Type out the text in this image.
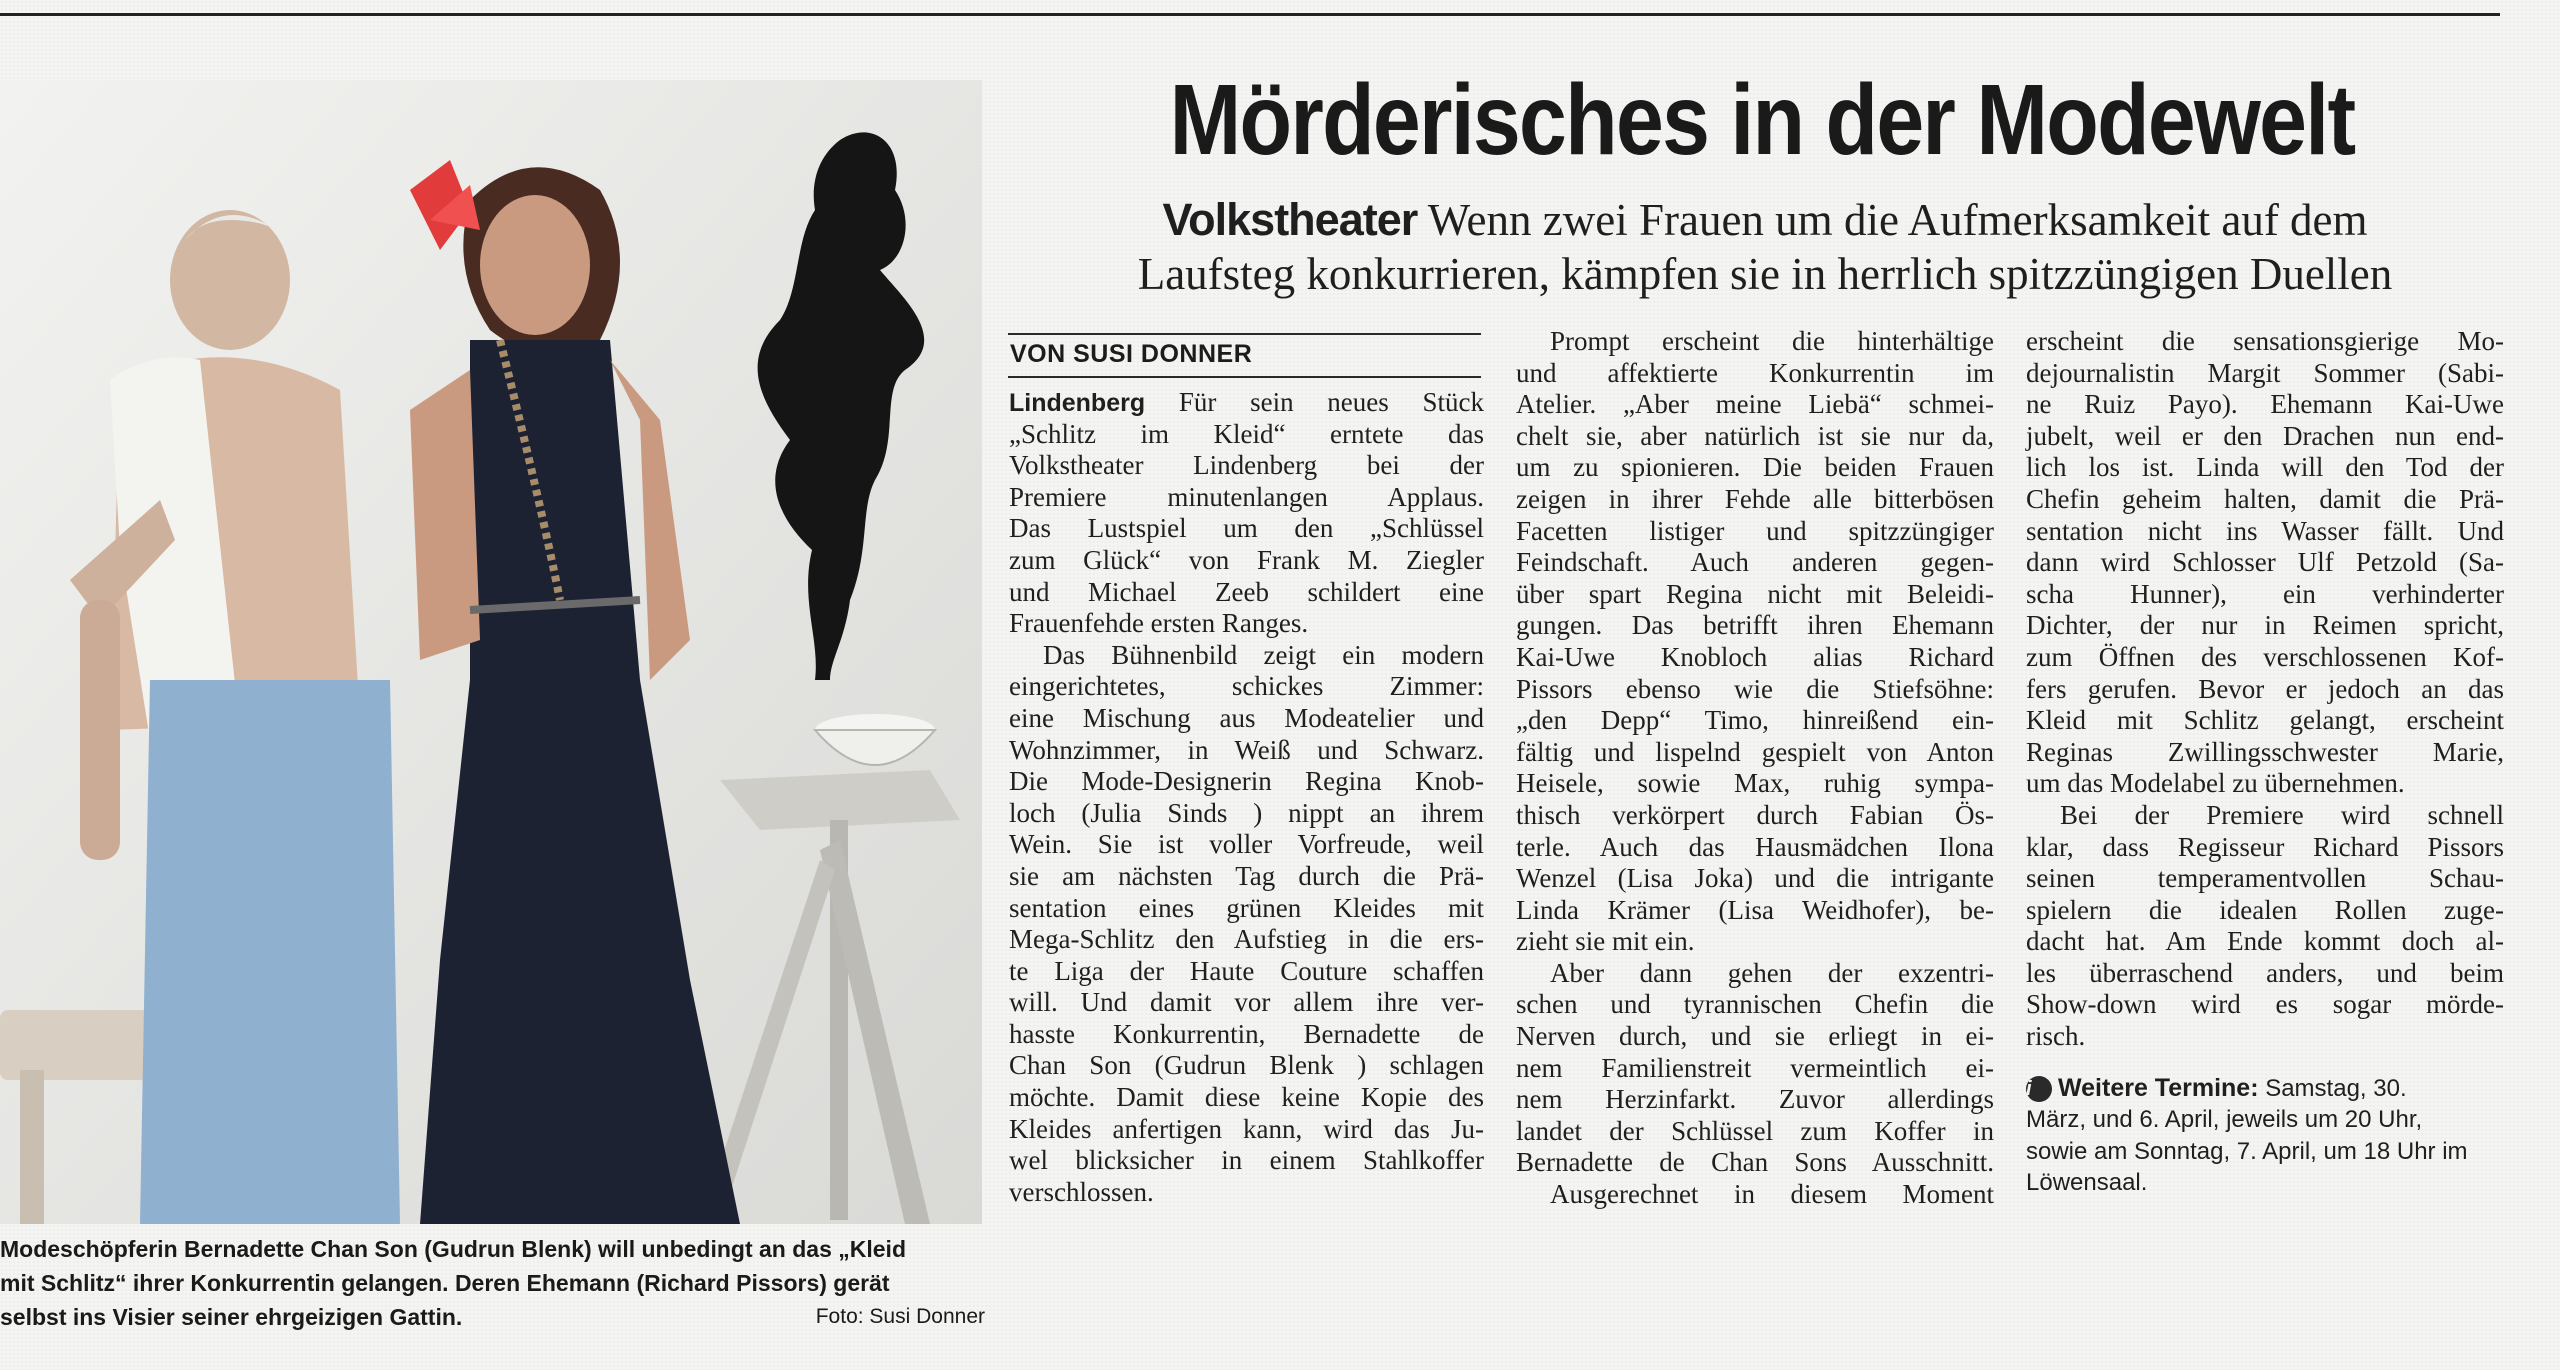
Modeschöpferin Bernadette Chan Son (Gudrun Blenk) will unbedingt an das „Kleid
mit Schlitz“ ihrer Konkurrentin gelangen. Deren Ehemann (Richard Pissors) gerät
selbst ins Visier seiner ehrgeizigen Gattin.	Foto: Susi Donner
Mörderisches in der Modewelt

Volkstheater Wenn zwei Frauen um die Aufmerksamkeit auf dem
Laufsteg konkurrieren, kämpfen sie in herrlich spitzzüngigen Duellen

VON SUSI DONNER
Lindenberg Für sein neues Stück
„Schlitz im Kleid“ erntete das
Volkstheater Lindenberg bei der
Premiere minutenlangen Applaus.
Das Lustspiel um den „Schlüssel
zum Glück“ von Frank M. Ziegler
und Michael Zeeb schildert eine
Frauenfehde ersten Ranges.
Das Bühnenbild zeigt ein modern
eingerichtetes, schickes Zimmer:
eine Mischung aus Modeatelier und
Wohnzimmer, in Weiß und Schwarz.
Die Mode-Designerin Regina Knob-
loch (Julia Sinds ) nippt an ihrem
Wein. Sie ist voller Vorfreude, weil
sie am nächsten Tag durch die Prä-
sentation eines grünen Kleides mit
Mega-Schlitz den Aufstieg in die ers-
te Liga der Haute Couture schaffen
will. Und damit vor allem ihre ver-
hasste Konkurrentin, Bernadette de
Chan Son (Gudrun Blenk ) schlagen
möchte. Damit diese keine Kopie des
Kleides anfertigen kann, wird das Ju-
wel blicksicher in einem Stahlkoffer
verschlossen.
Prompt erscheint die hinterhältige
und affektierte Konkurrentin im
Atelier. „Aber meine Liebä“ schmei-
chelt sie, aber natürlich ist sie nur da,
um zu spionieren. Die beiden Frauen
zeigen in ihrer Fehde alle bitterbösen
Facetten listiger und spitzzüngiger
Feindschaft. Auch anderen gegen-
über spart Regina nicht mit Beleidi-
gungen. Das betrifft ihren Ehemann
Kai-Uwe Knobloch alias Richard
Pissors ebenso wie die Stiefsöhne:
„den Depp“ Timo, hinreißend ein-
fältig und lispelnd gespielt von Anton
Heisele, sowie Max, ruhig sympa-
thisch verkörpert durch Fabian Ös-
terle. Auch das Hausmädchen Ilona
Wenzel (Lisa Joka) und die intrigante
Linda Krämer (Lisa Weidhofer), be-
zieht sie mit ein.
Aber dann gehen der exzentri-
schen und tyrannischen Chefin die
Nerven durch, und sie erliegt in ei-
nem Familienstreit vermeintlich ei-
nem Herzinfarkt. Zuvor allerdings
landet der Schlüssel zum Koffer in
Bernadette de Chan Sons Ausschnitt.
Ausgerechnet in diesem Moment
erscheint die sensationsgierige Mo-
dejournalistin Margit Sommer (Sabi-
ne Ruiz Payo). Ehemann Kai-Uwe
jubelt, weil er den Drachen nun end-
lich los ist. Linda will den Tod der
Chefin geheim halten, damit die Prä-
sentation nicht ins Wasser fällt. Und
dann wird Schlosser Ulf Petzold (Sa-
scha Hunner), ein verhinderter
Dichter, der nur in Reimen spricht,
zum Öffnen des verschlossenen Kof-
fers gerufen. Bevor er jedoch an das
Kleid mit Schlitz gelangt, erscheint
Reginas Zwillingsschwester Marie,
um das Modelabel zu übernehmen.
Bei der Premiere wird schnell
klar, dass Regisseur Richard Pissors
seinen temperamentvollen Schau-
spielern die idealen Rollen zuge-
dacht hat. Am Ende kommt doch al-
les überraschend anders, und beim
Show-down wird es sogar mörde-
risch.
i Weitere Termine: Samstag, 30.
März, und 6. April, jeweils um 20 Uhr,
sowie am Sonntag, 7. April, um 18 Uhr im
Löwensaal.
